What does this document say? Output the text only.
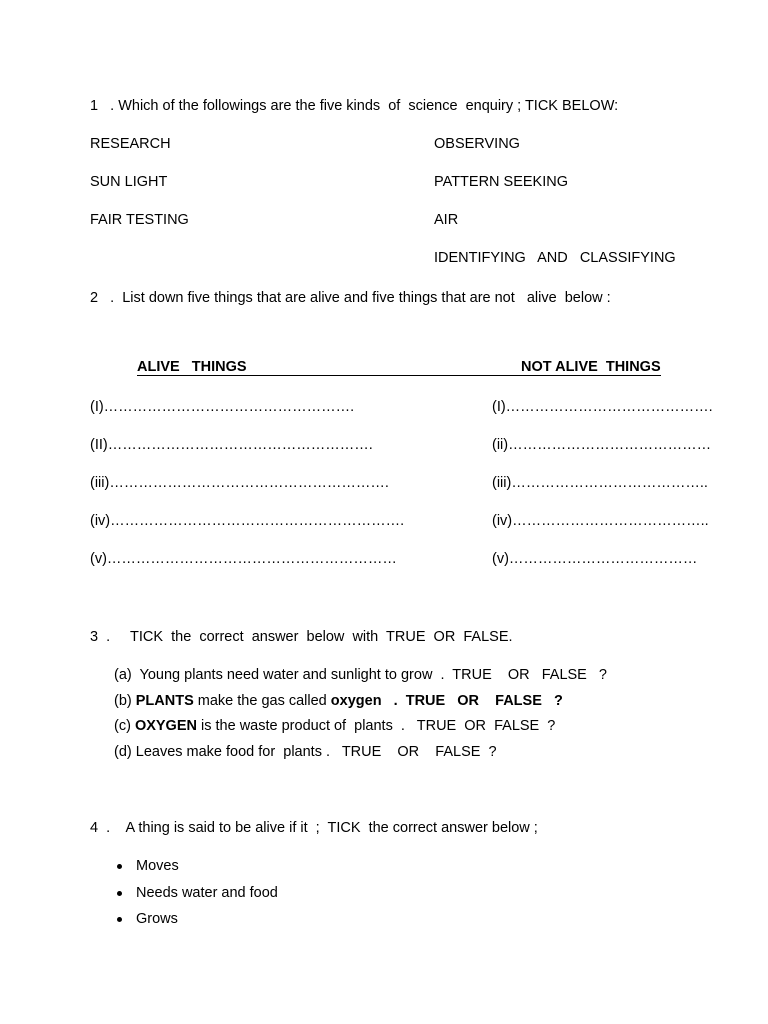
1   . Which of the followings are the five kinds  of  science  enquiry ; TICK BELOW:
RESEARCH
SUN LIGHT
FAIR TESTING
OBSERVING
PATTERN SEEKING
AIR
IDENTIFYING   AND   CLASSIFYING
2   .  List down five things that are alive and five things that are not   alive  below :
ALIVE   THINGS	NOT ALIVE  THINGS
(I)…………………………………………….
(II)……………………………………………….
(iii)………………………………………………….
(iv)…………………………………………………….
(v)……………………………………………………
(I)…………………………………….
(ii)……………………………………
(iii)…………………………………..
(iv)…………………………………..
(v)…………………………………
3  .     TICK  the  correct  answer  below  with  TRUE  OR  FALSE.
(a)  Young plants need water and sunlight to grow  .  TRUE    OR   FALSE   ?
(b) PLANTS make the gas called oxygen   .  TRUE   OR    FALSE   ?
(c) OXYGEN is the waste product of  plants  .   TRUE  OR  FALSE  ?
(d) Leaves make food for  plants .   TRUE    OR    FALSE  ?
4  .    A thing is said to be alive if it  ;  TICK  the correct answer below ;
Moves
Needs water and food
Grows
